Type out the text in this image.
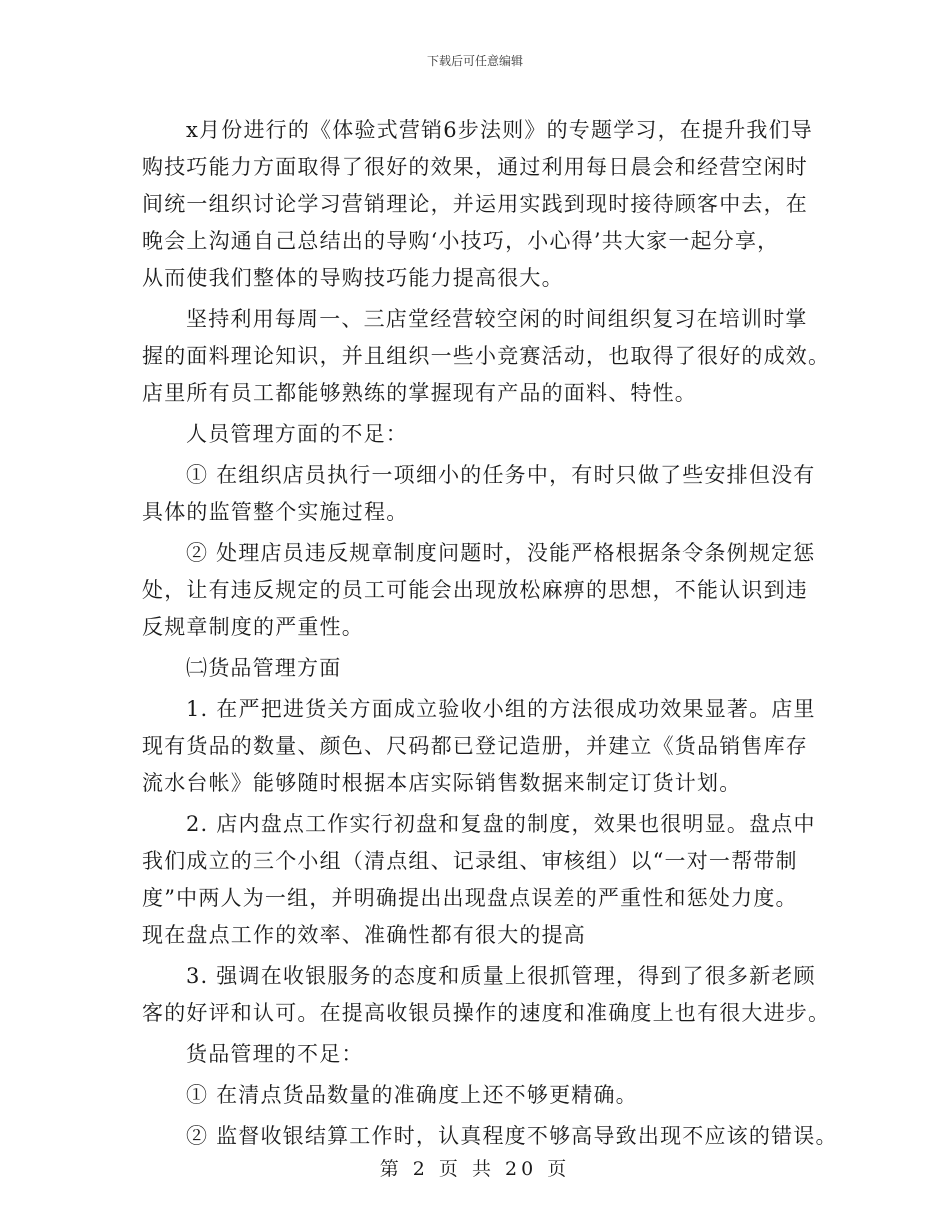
下载后可任意编辑
x月份进行的《体验式营销6步法则》的专题学习，在提升我们导
购技巧能力方面取得了很好的效果，通过利用每日晨会和经营空闲时
间统一组织讨论学习营销理论，并运用实践到现时接待顾客中去，在
晚会上沟通自己总结出的导购‘小技巧，小心得’共大家一起分享，
从而使我们整体的导购技巧能力提高很大。
坚持利用每周一、三店堂经营较空闲的时间组织复习在培训时掌
握的面料理论知识，并且组织一些小竞赛活动，也取得了很好的成效。
店里所有员工都能够熟练的掌握现有产品的面料、特性。
人员管理方面的不足：
① 在组织店员执行一项细小的任务中，有时只做了些安排但没有
具体的监管整个实施过程。
② 处理店员违反规章制度问题时，没能严格根据条令条例规定惩
处，让有违反规定的员工可能会出现放松麻痹的思想，不能认识到违
反规章制度的严重性。
㈡货品管理方面
1. 在严把进货关方面成立验收小组的方法很成功效果显著。店里
现有货品的数量、颜色、尺码都已登记造册，并建立《货品销售库存
流水台帐》能够随时根据本店实际销售数据来制定订货计划。
2. 店内盘点工作实行初盘和复盘的制度，效果也很明显。盘点中
我们成立的三个小组（清点组、记录组、审核组）以“一对一帮带制
度”中两人为一组，并明确提出出现盘点误差的严重性和惩处力度。
现在盘点工作的效率、准确性都有很大的提高
3. 强调在收银服务的态度和质量上很抓管理，得到了很多新老顾
客的好评和认可。在提高收银员操作的速度和准确度上也有很大进步。
货品管理的不足：
① 在清点货品数量的准确度上还不够更精确。
② 监督收银结算工作时，认真程度不够高导致出现不应该的错误。
第 2 页 共 20 页
